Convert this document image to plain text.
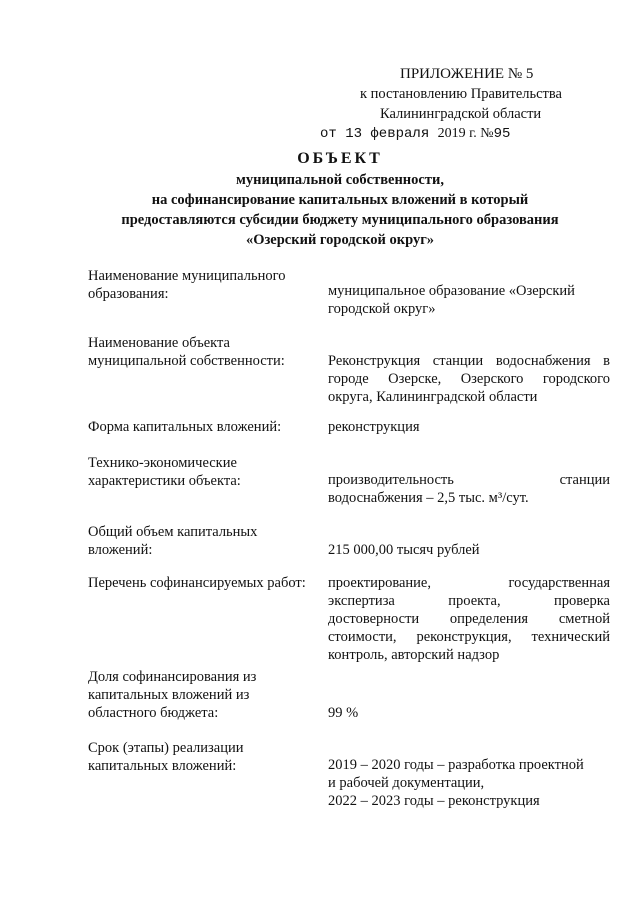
ПРИЛОЖЕНИЕ № 5
к постановлению Правительства
Калининградской области
от 13 февраля 2019 г. №95
ОБЪЕКТ
муниципальной собственности,
на софинансирование капитальных вложений в который
предоставляются субсидии бюджету муниципального образования
«Озерский городской округ»
Наименование муниципального
образования:	муниципальное образование «Озерский
городской округ»
Наименование объекта
муниципальной собственности:	Реконструкция станции водоснабжения в
городе Озерске, Озерского городского
округа, Калининградской области
Форма капитальных вложений:	реконструкция
Технико-экономические
характеристики объекта:	производительность станции
водоснабжения – 2,5 тыс. м³/сут.
Общий объем капитальных
вложений:	215 000,00 тысяч рублей
Перечень софинансируемых работ:	проектирование, государственная
экспертиза проекта, проверка
достоверности определения сметной
стоимости, реконструкция, технический
контроль, авторский надзор
Доля софинансирования из
капитальных вложений из
областного бюджета:	99 %
Срок (этапы) реализации
капитальных вложений:	2019 – 2020 годы – разработка проектной
и рабочей документации,
2022 – 2023 годы – реконструкция
